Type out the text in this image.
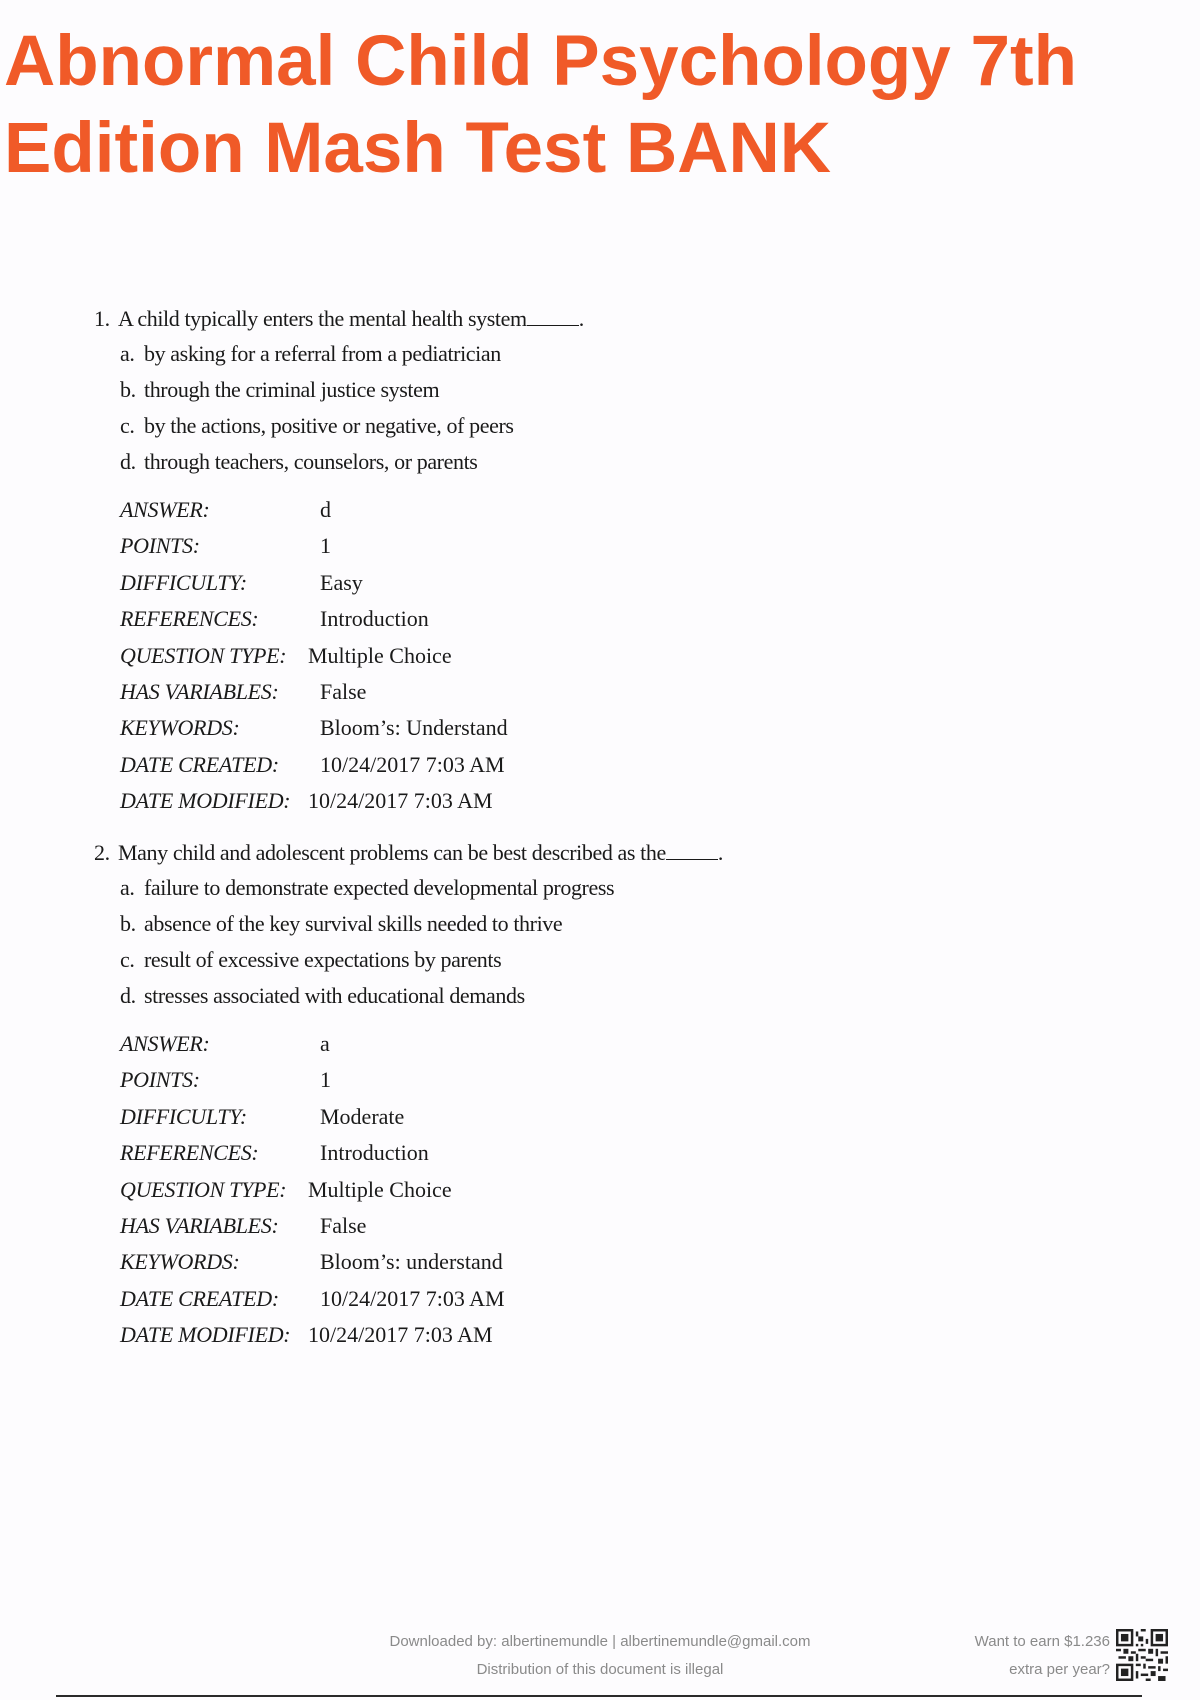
Abnormal Child Psychology 7th
Edition Mash Test BANK
1. A child typically enters the mental health system .
a. by asking for a referral from a pediatrician
b. through the criminal justice system
c. by the actions, positive or negative, of peers
d. through teachers, counselors, or parents
ANSWER:	d
POINTS:	1
DIFFICULTY:	Easy
REFERENCES:	Introduction
QUESTION TYPE: Multiple Choice
HAS VARIABLES: False
KEYWORDS:	Bloom’s: Understand
DATE CREATED: 10/24/2017 7:03 AM
DATE MODIFIED: 10/24/2017 7:03 AM
2. Many child and adolescent problems can be best described as the .
a. failure to demonstrate expected developmental progress
b. absence of the key survival skills needed to thrive
c. result of excessive expectations by parents
d. stresses associated with educational demands
ANSWER:	a
POINTS:	1
DIFFICULTY:	Moderate
REFERENCES:	Introduction
QUESTION TYPE: Multiple Choice
HAS VARIABLES: False
KEYWORDS:	Bloom’s: understand
DATE CREATED: 10/24/2017 7:03 AM
DATE MODIFIED: 10/24/2017 7:03 AM
Downloaded by: albertinemundle | albertinemundle@gmail.com
Distribution of this document is illegal
Want to earn $1.236
extra per year?
